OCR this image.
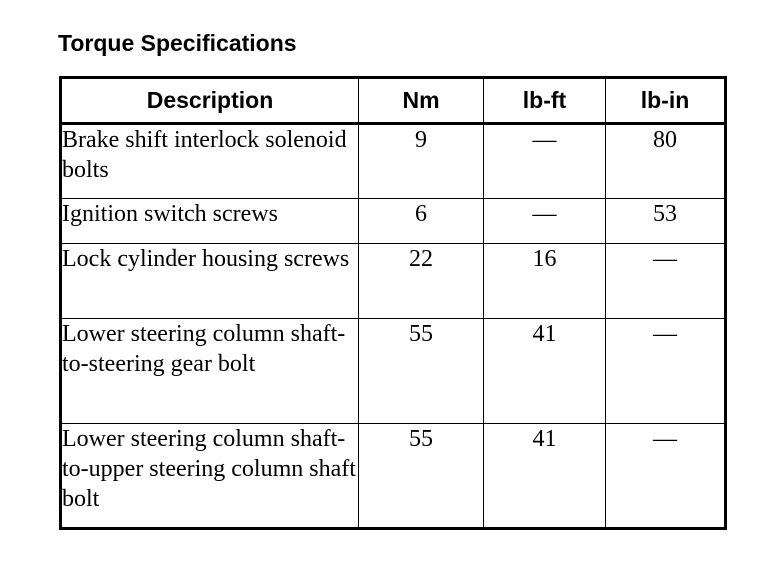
Torque Specifications
Description	Nm	lb-ft	lb-in
Brake shift interlock solenoid bolts	9	—	80
Ignition switch screws	6	—	53
Lock cylinder housing screws	22	16	—
Lower steering column shaft-to-steering gear bolt	55	41	—
Lower steering column shaft-to-upper steering column shaft bolt	55	41	—
